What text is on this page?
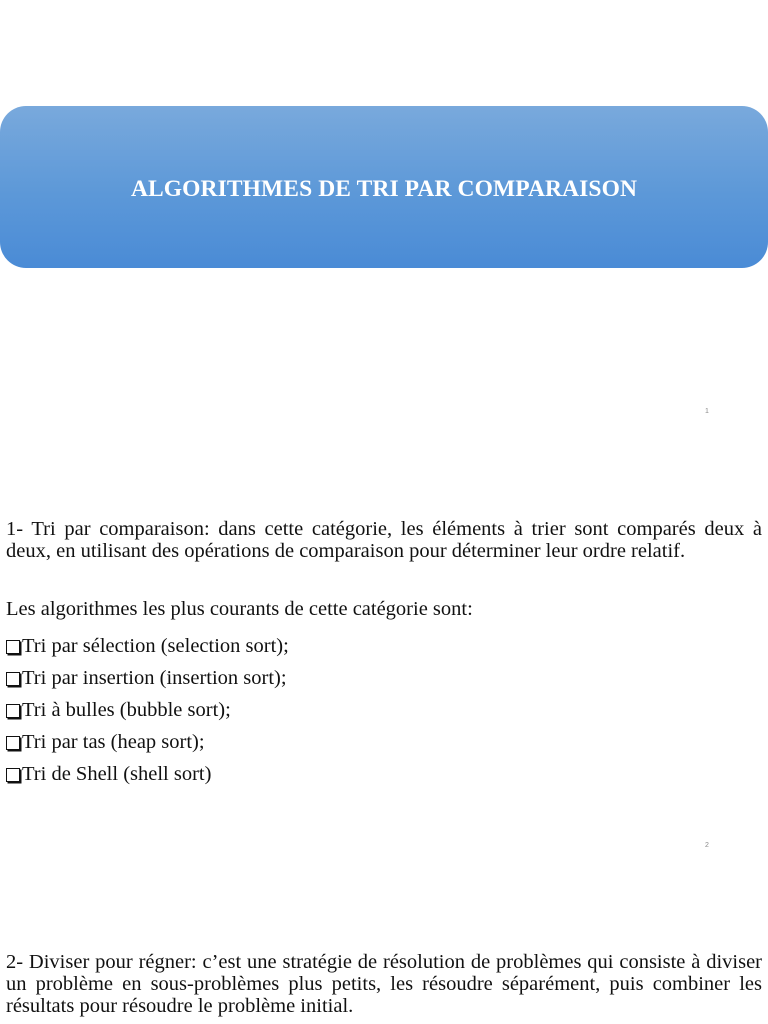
ALGORITHMES DE TRI PAR COMPARAISON
1

1- Tri par comparaison: dans cette catégorie, les éléments à trier sont comparés deux à deux, en utilisant des opérations de comparaison pour déterminer leur ordre relatif.

Les algorithmes les plus courants de cette catégorie sont:
Tri par sélection (selection sort);
Tri par insertion (insertion sort);
Tri à bulles (bubble sort);
Tri par tas (heap sort);
Tri de Shell (shell sort)
2

2- Diviser pour régner: c’est une stratégie de résolution de problèmes qui consiste à diviser un problème en sous-problèmes plus petits, les résoudre séparément, puis combiner les résultats pour résoudre le problème initial.
